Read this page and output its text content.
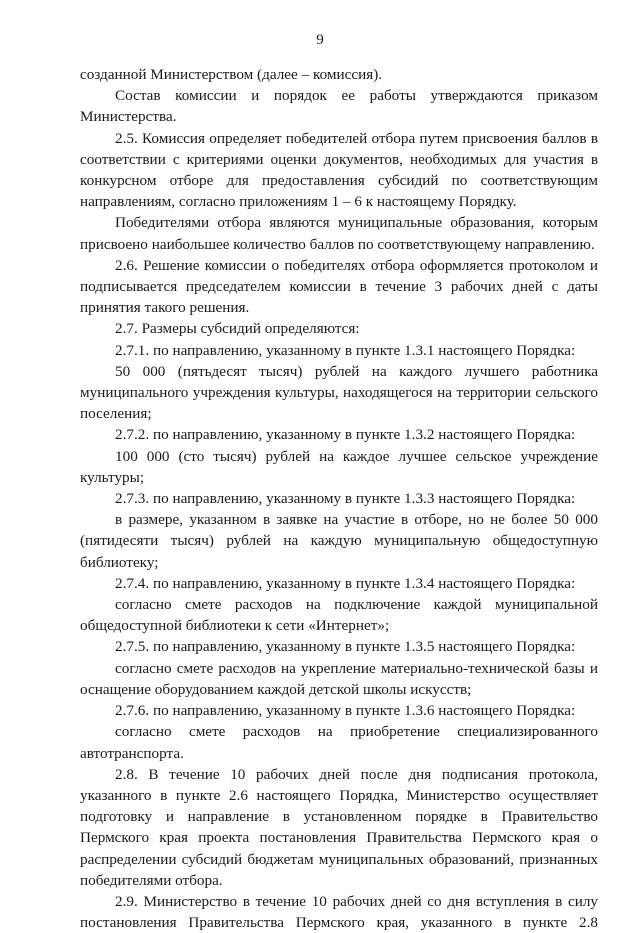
9

созданной Министерством (далее – комиссия).

Состав комиссии и порядок ее работы утверждаются приказом Министерства.

2.5. Комиссия определяет победителей отбора путем присвоения баллов в соответствии с критериями оценки документов, необходимых для участия в конкурсном отборе для предоставления субсидий по соответствующим направлениям, согласно приложениям 1 – 6 к настоящему Порядку.

Победителями отбора являются муниципальные образования, которым присвоено наибольшее количество баллов по соответствующему направлению.

2.6. Решение комиссии о победителях отбора оформляется протоколом и подписывается председателем комиссии в течение 3 рабочих дней с даты принятия такого решения.

2.7. Размеры субсидий определяются:

2.7.1. по направлению, указанному в пункте 1.3.1 настоящего Порядка:

50 000 (пятьдесят тысяч) рублей на каждого лучшего работника муниципального учреждения культуры, находящегося на территории сельского поселения;

2.7.2. по направлению, указанному в пункте 1.3.2 настоящего Порядка:

100 000 (сто тысяч) рублей на каждое лучшее сельское учреждение культуры;

2.7.3. по направлению, указанному в пункте 1.3.3 настоящего Порядка:

в размере, указанном в заявке на участие в отборе, но не более 50 000 (пятидесяти тысяч) рублей на каждую муниципальную общедоступную библиотеку;

2.7.4. по направлению, указанному в пункте 1.3.4 настоящего Порядка:

согласно смете расходов на подключение каждой муниципальной общедоступной библиотеки к сети «Интернет»;

2.7.5. по направлению, указанному в пункте 1.3.5 настоящего Порядка:

согласно смете расходов на укрепление материально-технической базы и оснащение оборудованием каждой детской школы искусств;

2.7.6. по направлению, указанному в пункте 1.3.6 настоящего Порядка:

согласно смете расходов на приобретение специализированного автотранспорта.

2.8. В течение 10 рабочих дней после дня подписания протокола, указанного в пункте 2.6 настоящего Порядка, Министерство осуществляет подготовку и направление в установленном порядке в Правительство Пермского края проекта постановления Правительства Пермского края о распределении субсидий бюджетам муниципальных образований, признанных победителями отбора.

2.9. Министерство в течение 10 рабочих дней со дня вступления в силу постановления Правительства Пермского края, указанного в пункте 2.8
